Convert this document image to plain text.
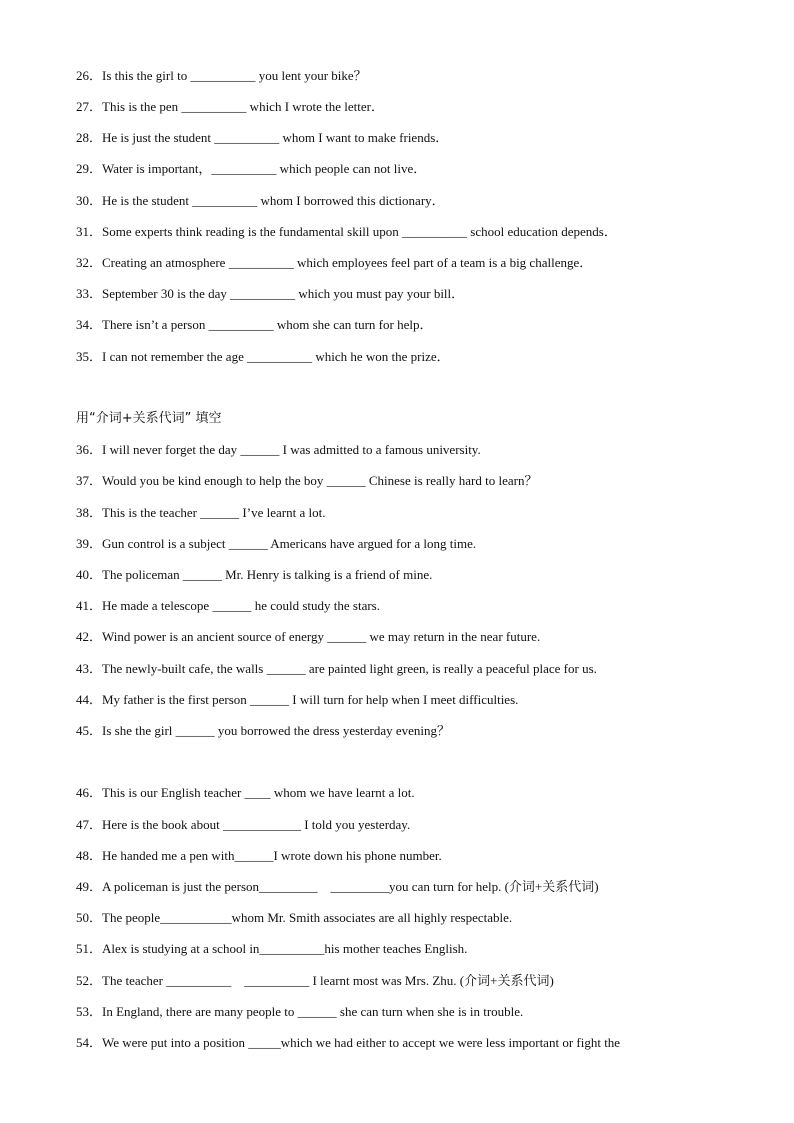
26．Is this the girl to __________ you lent your bike？
27．This is the pen __________ which I wrote the letter．
28．He is just the student __________ whom I want to make friends．
29．Water is important，__________ which people can not live．
30．He is the student __________ whom I borrowed this dictionary．
31．Some experts think reading is the fundamental skill upon __________ school education depends．
32．Creating an atmosphere __________ which employees feel part of a team is a big challenge．
33．September 30 is the day __________ which you must pay your bill．
34．There isn’t a person __________ whom she can turn for help．
35．I can not remember the age __________ which he won the prize．
用“介词+关系代词” 填空
36．I will never forget the day ______ I was admitted to a famous university.
37．Would you be kind enough to help the boy ______ Chinese is really hard to learn？
38．This is the teacher ______ I’ve learnt a lot.
39．Gun control is a subject ______ Americans have argued for a long time.
40．The policeman ______ Mr. Henry is talking is a friend of mine.
41．He made a telescope ______ he could study the stars.
42．Wind power is an ancient source of energy ______ we may return in the near future.
43．The newly-built cafe, the walls ______ are painted light green, is really a peaceful place for us.
44．My father is the first person ______ I will turn for help when I meet difficulties.
45．Is she the girl ______ you borrowed the dress yesterday evening？
46．This is our English teacher ____ whom we have learnt a lot.
47．Here is the book about ____________ I told you yesterday.
48．He handed me a pen with______I wrote down his phone number.
49．A policeman is just the person_________　_________you can turn for help. (介词+关系代词)
50．The people___________whom Mr. Smith associates are all highly respectable.
51．Alex is studying at a school in__________his mother teaches English.
52．The teacher __________　__________ I learnt most was Mrs. Zhu. (介词+关系代词)
53．In England, there are many people to ______ she can turn when she is in trouble.
54．We were put into a position _____which we had either to accept we were less important or fight the
